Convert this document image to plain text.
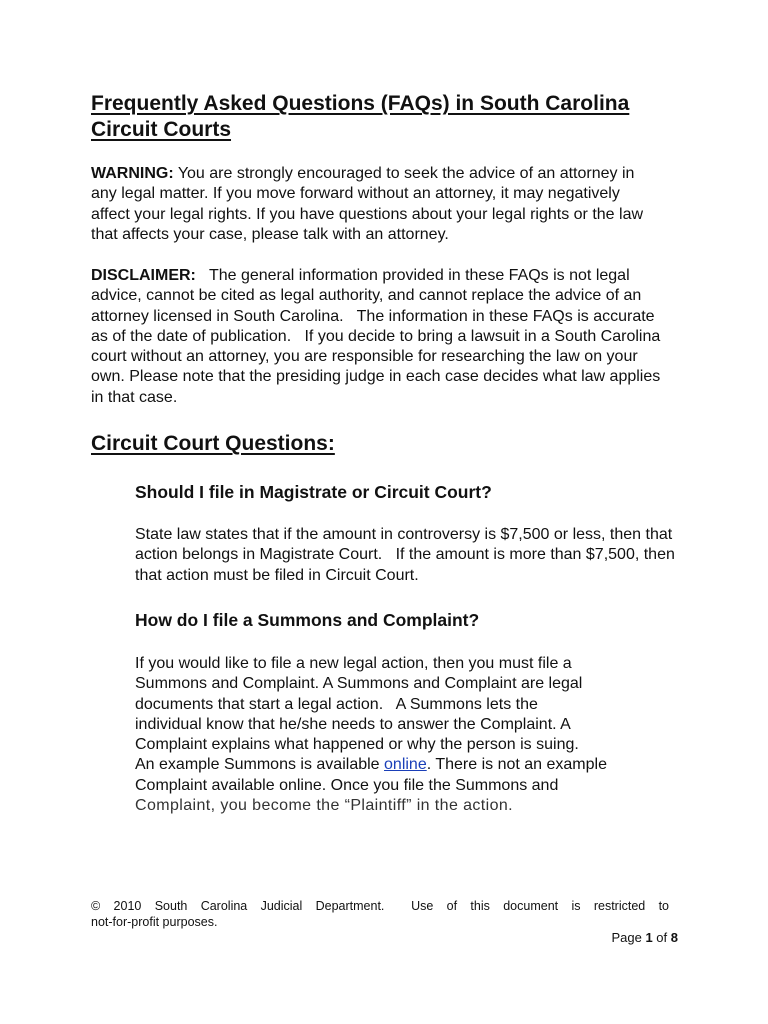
Frequently Asked Questions (FAQs) in South Carolina Circuit Courts

WARNING: You are strongly encouraged to seek the advice of an attorney in any legal matter. If you move forward without an attorney, it may negatively affect your legal rights. If you have questions about your legal rights or the law that affects your case, please talk with an attorney.

DISCLAIMER:   The general information provided in these FAQs is not legal advice, cannot be cited as legal authority, and cannot replace the advice of an attorney licensed in South Carolina.   The information in these FAQs is accurate as of the date of publication.   If you decide to bring a lawsuit in a South Carolina court without an attorney, you are responsible for researching the law on your own. Please note that the presiding judge in each case decides what law applies in that case.

Circuit Court Questions:
Should I file in Magistrate or Circuit Court?

State law states that if the amount in controversy is $7,500 or less, then that action belongs in Magistrate Court.   If the amount is more than $7,500, then that action must be filed in Circuit Court.

How do I file a Summons and Complaint?
If you would like to file a new legal action, then you must file a
Summons and Complaint. A Summons and Complaint are legal
documents that start a legal action.   A Summons lets the
individual know that he/she needs to answer the Complaint. A
Complaint explains what happened or why the person is suing.
An example Summons is available online. There is not an example
Complaint available online. Once you file the Summons and
Complaint, you become the “Plaintiff” in the action.
©  2010  South  Carolina  Judicial  Department.    Use  of  this  document  is  restricted  to
not-for-profit purposes.

Page 1 of 8
